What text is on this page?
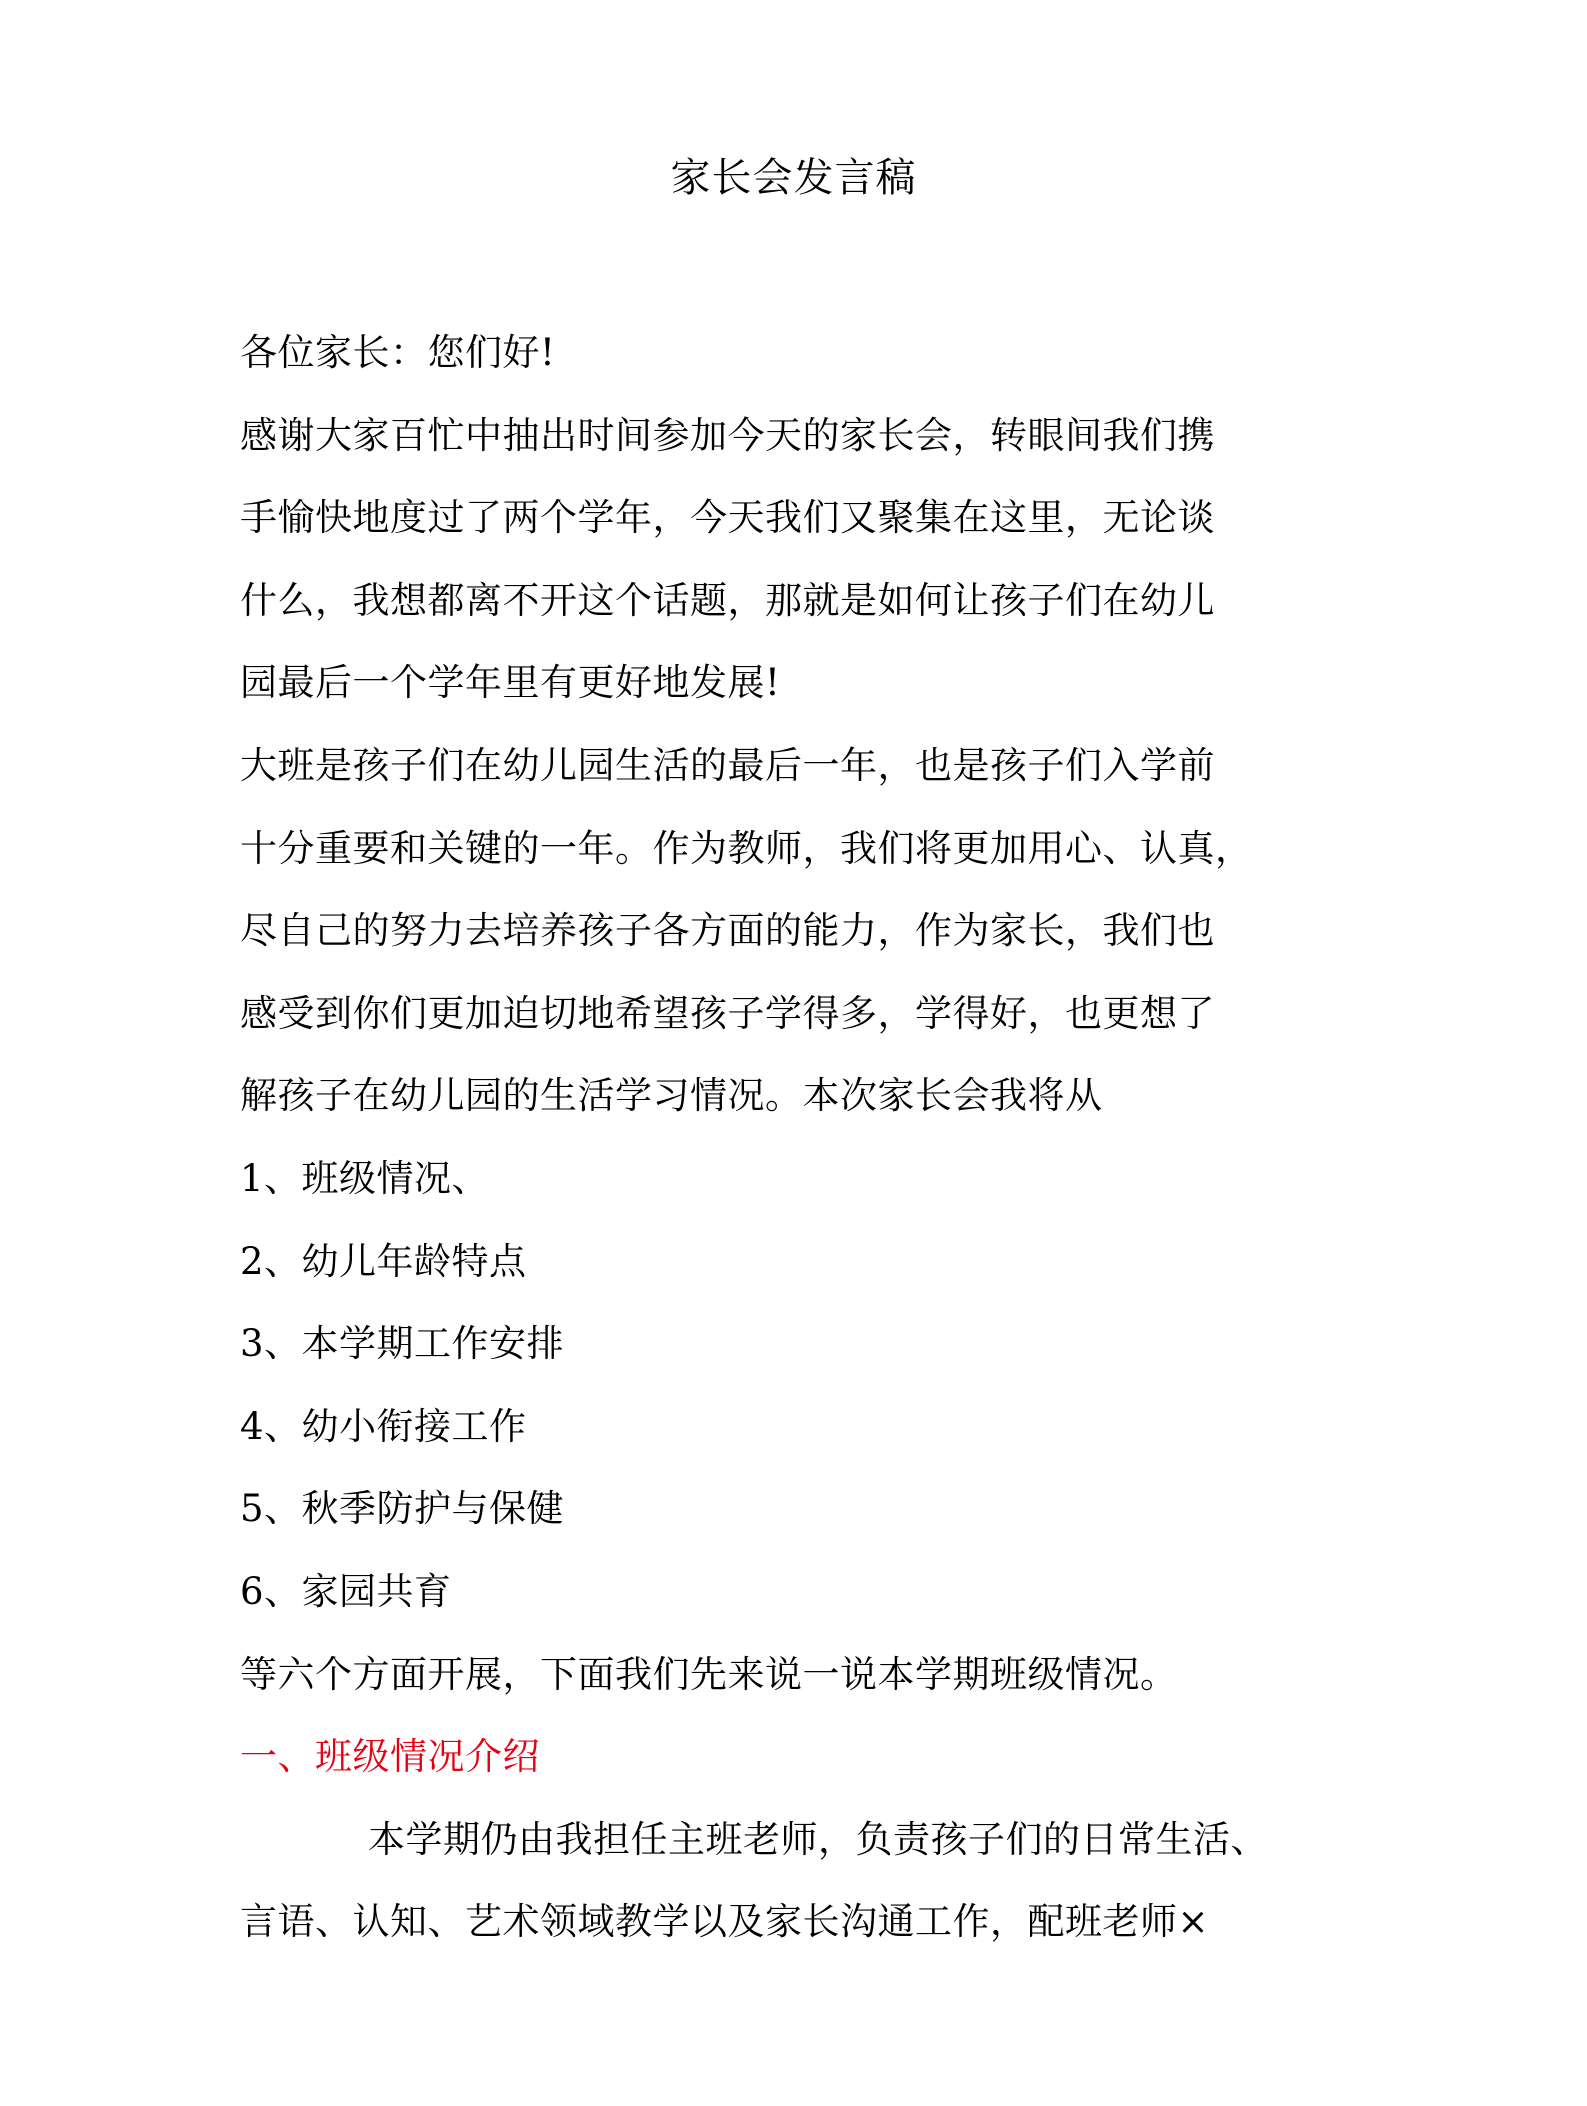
家长会发言稿
各位家长：您们好!
感谢大家百忙中抽出时间参加今天的家长会，转眼间我们携
手愉快地度过了两个学年，今天我们又聚集在这里，无论谈
什么，我想都离不开这个话题，那就是如何让孩子们在幼儿
园最后一个学年里有更好地发展!
大班是孩子们在幼儿园生活的最后一年，也是孩子们入学前
十分重要和关键的一年。作为教师，我们将更加用心、认真，
尽自己的努力去培养孩子各方面的能力，作为家长，我们也
感受到你们更加迫切地希望孩子学得多，学得好，也更想了
解孩子在幼儿园的生活学习情况。本次家长会我将从
1、班级情况、
2、幼儿年龄特点
3、本学期工作安排
4、幼小衔接工作
5、秋季防护与保健
6、家园共育
等六个方面开展，下面我们先来说一说本学期班级情况。
一、班级情况介绍
本学期仍由我担任主班老师，负责孩子们的日常生活、
言语、认知、艺术领域教学以及家长沟通工作，配班老师×
